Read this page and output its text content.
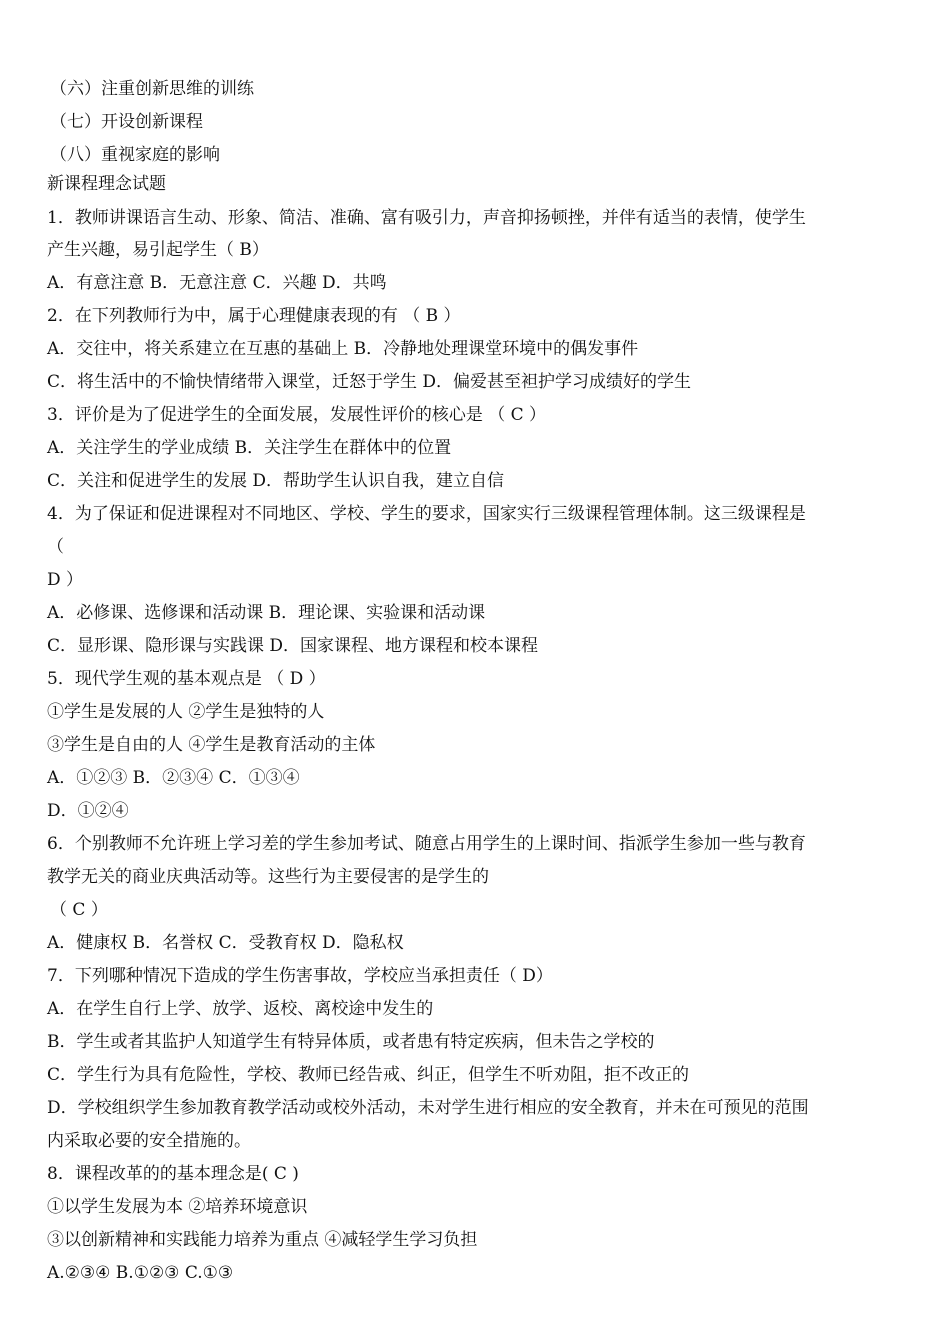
（六）注重创新思维的训练
（七）开设创新课程
（八）重视家庭的影响
新课程理念试题
1．教师讲课语言生动、形象、简洁、准确、富有吸引力，声音抑扬顿挫，并伴有适当的表情，使学生
产生兴趣，易引起学生（ B）
A．有意注意 B．无意注意 C．兴趣 D．共鸣
2．在下列教师行为中，属于心理健康表现的有 （ B ）
A．交往中，将关系建立在互惠的基础上 B．冷静地处理课堂环境中的偶发事件
C．将生活中的不愉快情绪带入课堂，迁怒于学生 D．偏爱甚至袒护学习成绩好的学生
3．评价是为了促进学生的全面发展，发展性评价的核心是 （ C ）
A．关注学生的学业成绩 B．关注学生在群体中的位置
C．关注和促进学生的发展 D．帮助学生认识自我，建立自信
4．为了保证和促进课程对不同地区、学校、学生的要求，国家实行三级课程管理体制。这三级课程是
（
D ）
A．必修课、选修课和活动课 B．理论课、实验课和活动课
C．显形课、隐形课与实践课 D．国家课程、地方课程和校本课程
5．现代学生观的基本观点是 （ D ）
①学生是发展的人 ②学生是独特的人
③学生是自由的人 ④学生是教育活动的主体
A．①②③ B．②③④ C．①③④
D．①②④
6．个别教师不允许班上学习差的学生参加考试、随意占用学生的上课时间、指派学生参加一些与教育
教学无关的商业庆典活动等。这些行为主要侵害的是学生的
（ C ）
A．健康权 B．名誉权 C．受教育权 D．隐私权
7．下列哪种情况下造成的学生伤害事故，学校应当承担责任（ D）
A．在学生自行上学、放学、返校、离校途中发生的
B．学生或者其监护人知道学生有特异体质，或者患有特定疾病，但未告之学校的
C．学生行为具有危险性，学校、教师已经告戒、纠正，但学生不听劝阻，拒不改正的
D．学校组织学生参加教育教学活动或校外活动，未对学生进行相应的安全教育，并未在可预见的范围
内采取必要的安全措施的。
8．课程改革的的基本理念是( C )
①以学生发展为本 ②培养环境意识
③以创新精神和实践能力培养为重点 ④减轻学生学习负担
A.②③④ B.①②③ C.①③
